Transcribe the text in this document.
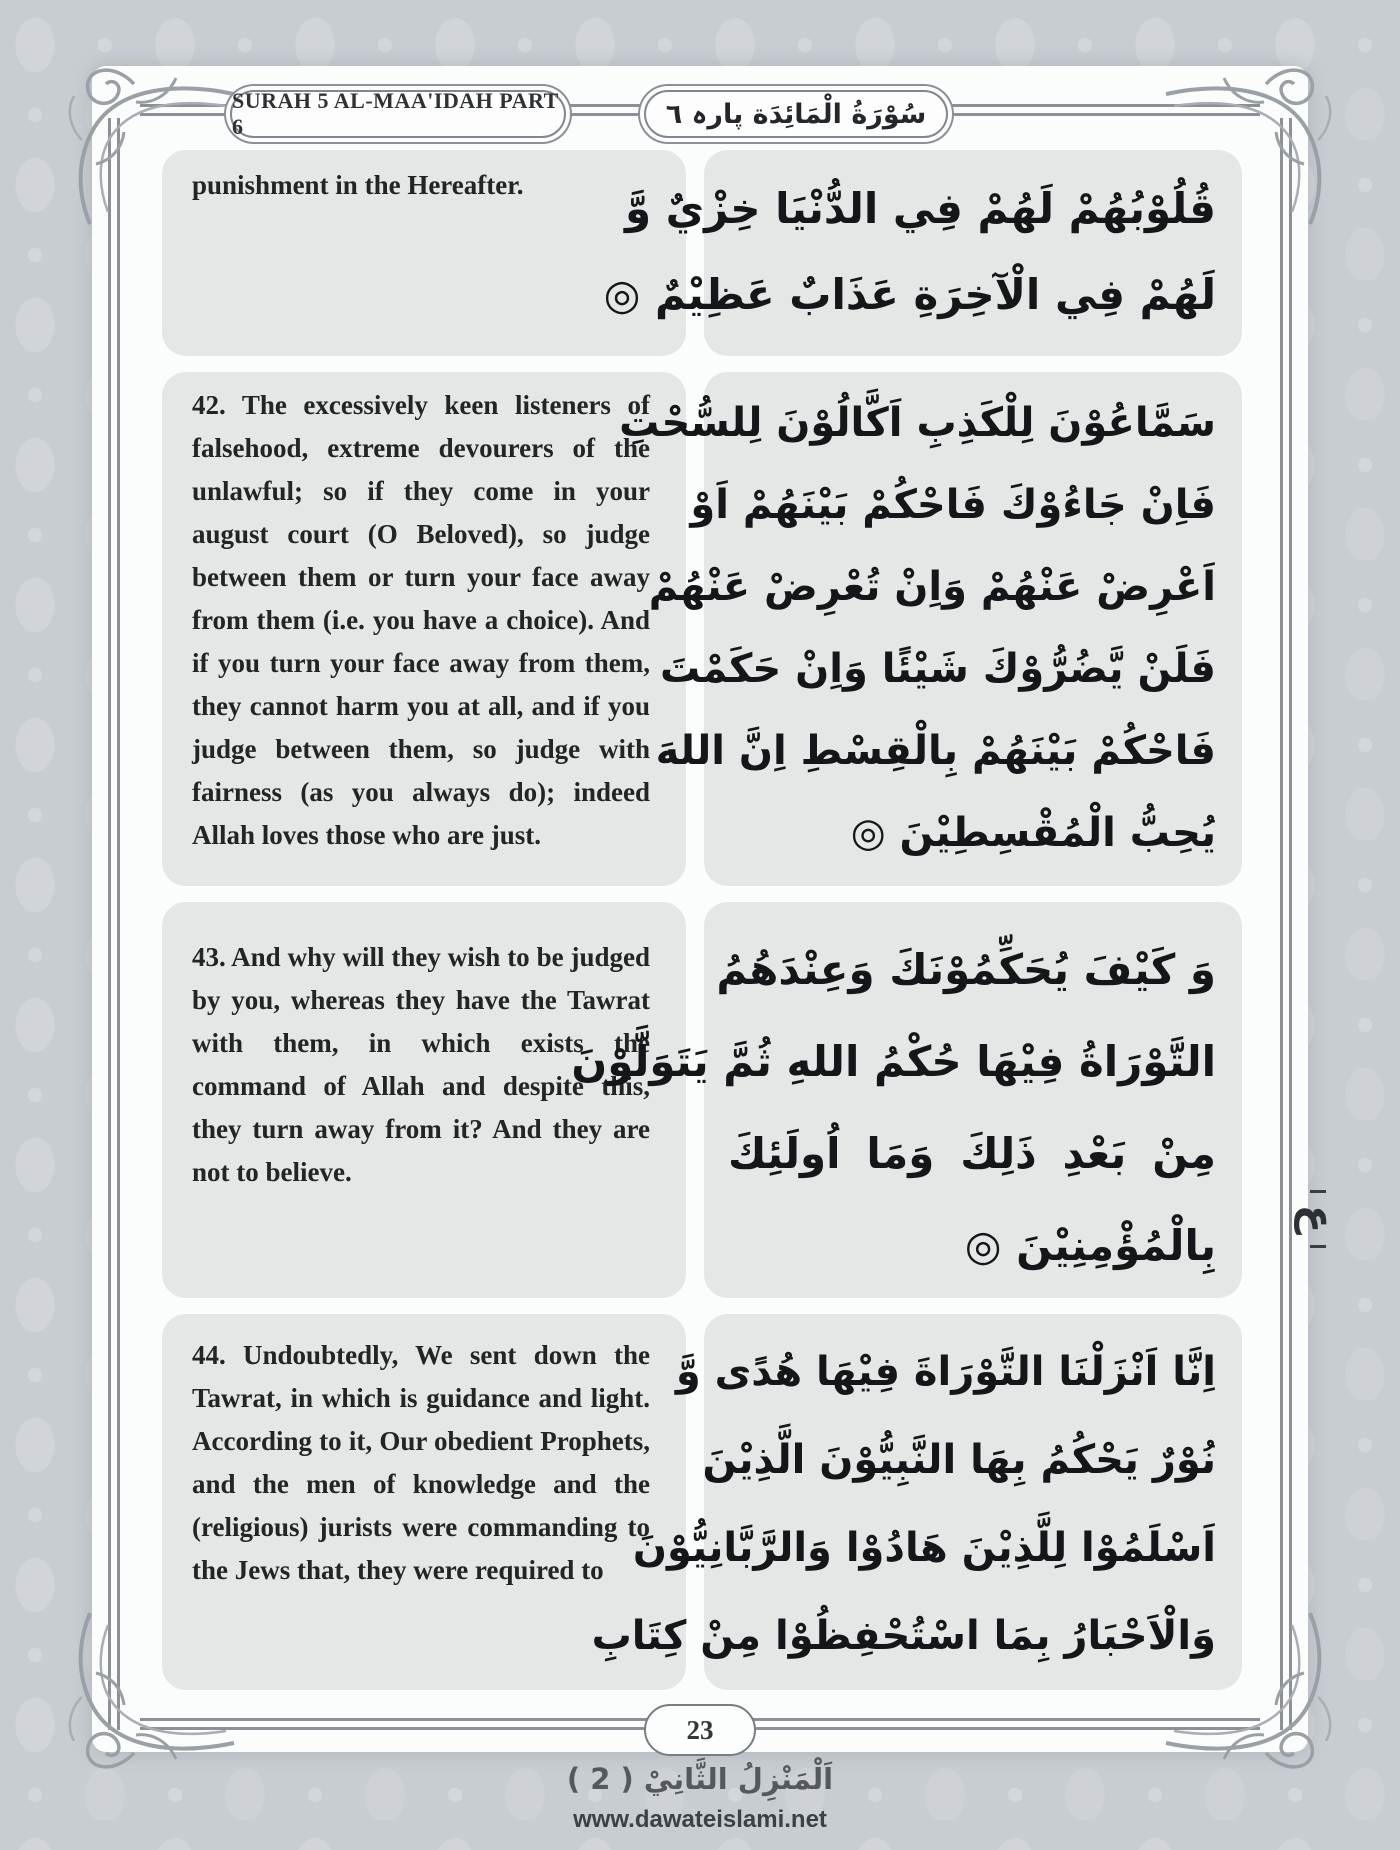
SURAH 5 AL-MAA'IDAH PART 6	سُوْرَةُ الْمَائِدَة پارہ ٦
punishment in the Hereafter.	قُلُوْبُهُمْ لَهُمْ فِي الدُّنْيَا خِزْيٌ وَّ
لَهُمْ فِي الْآخِرَةِ عَذَابٌ عَظِيْمٌ ◎
42. The excessively keen listeners of falsehood, extreme devourers of the unlawful; so if they come in your august court (O Beloved), so judge between them or turn your face away from them (i.e. you have a choice). And if you turn your face away from them, they cannot harm you at all, and if you judge between them, so judge with fairness (as you always do); indeed Allah loves those who are just.
سَمَّاعُوْنَ لِلْكَذِبِ اَكَّالُوْنَ لِلسُّحْتِ
فَاِنْ جَاءُوْكَ فَاحْكُمْ بَيْنَهُمْ اَوْ
اَعْرِضْ عَنْهُمْ وَاِنْ تُعْرِضْ عَنْهُمْ
فَلَنْ يَّضُرُّوْكَ شَيْئًا وَاِنْ حَكَمْتَ
فَاحْكُمْ بَيْنَهُمْ بِالْقِسْطِ اِنَّ اللهَ
يُحِبُّ الْمُقْسِطِيْنَ ◎
43. And why will they wish to be judged by you, whereas they have the Tawrat with them, in which exists the command of Allah and despite this, they turn away from it? And they are not to believe.
وَ كَيْفَ يُحَكِّمُوْنَكَ وَعِنْدَهُمُ
التَّوْرَاةُ فِيْهَا حُكْمُ اللهِ ثُمَّ يَتَوَلَّوْنَ
مِنْ بَعْدِ ذَلِكَ وَمَا اُولَئِكَ
بِالْمُؤْمِنِيْنَ ◎
44. Undoubtedly, We sent down the Tawrat, in which is guidance and light. According to it, Our obedient Prophets, and the men of knowledge and the (religious) jurists were commanding to the Jews that, they were required to
اِنَّا اَنْزَلْنَا التَّوْرَاةَ فِيْهَا هُدًى وَّ
نُوْرٌ يَحْكُمُ بِهَا النَّبِيُّوْنَ الَّذِيْنَ
اَسْلَمُوْا لِلَّذِيْنَ هَادُوْا وَالرَّبَّانِيُّوْنَ
وَالْاَحْبَارُ بِمَا اسْتُحْفِظُوْا مِنْ كِتَابِ
ع
23
اَلْمَنْزِلُ الثَّانِيْ ( 2 )
www.dawateislami.net
